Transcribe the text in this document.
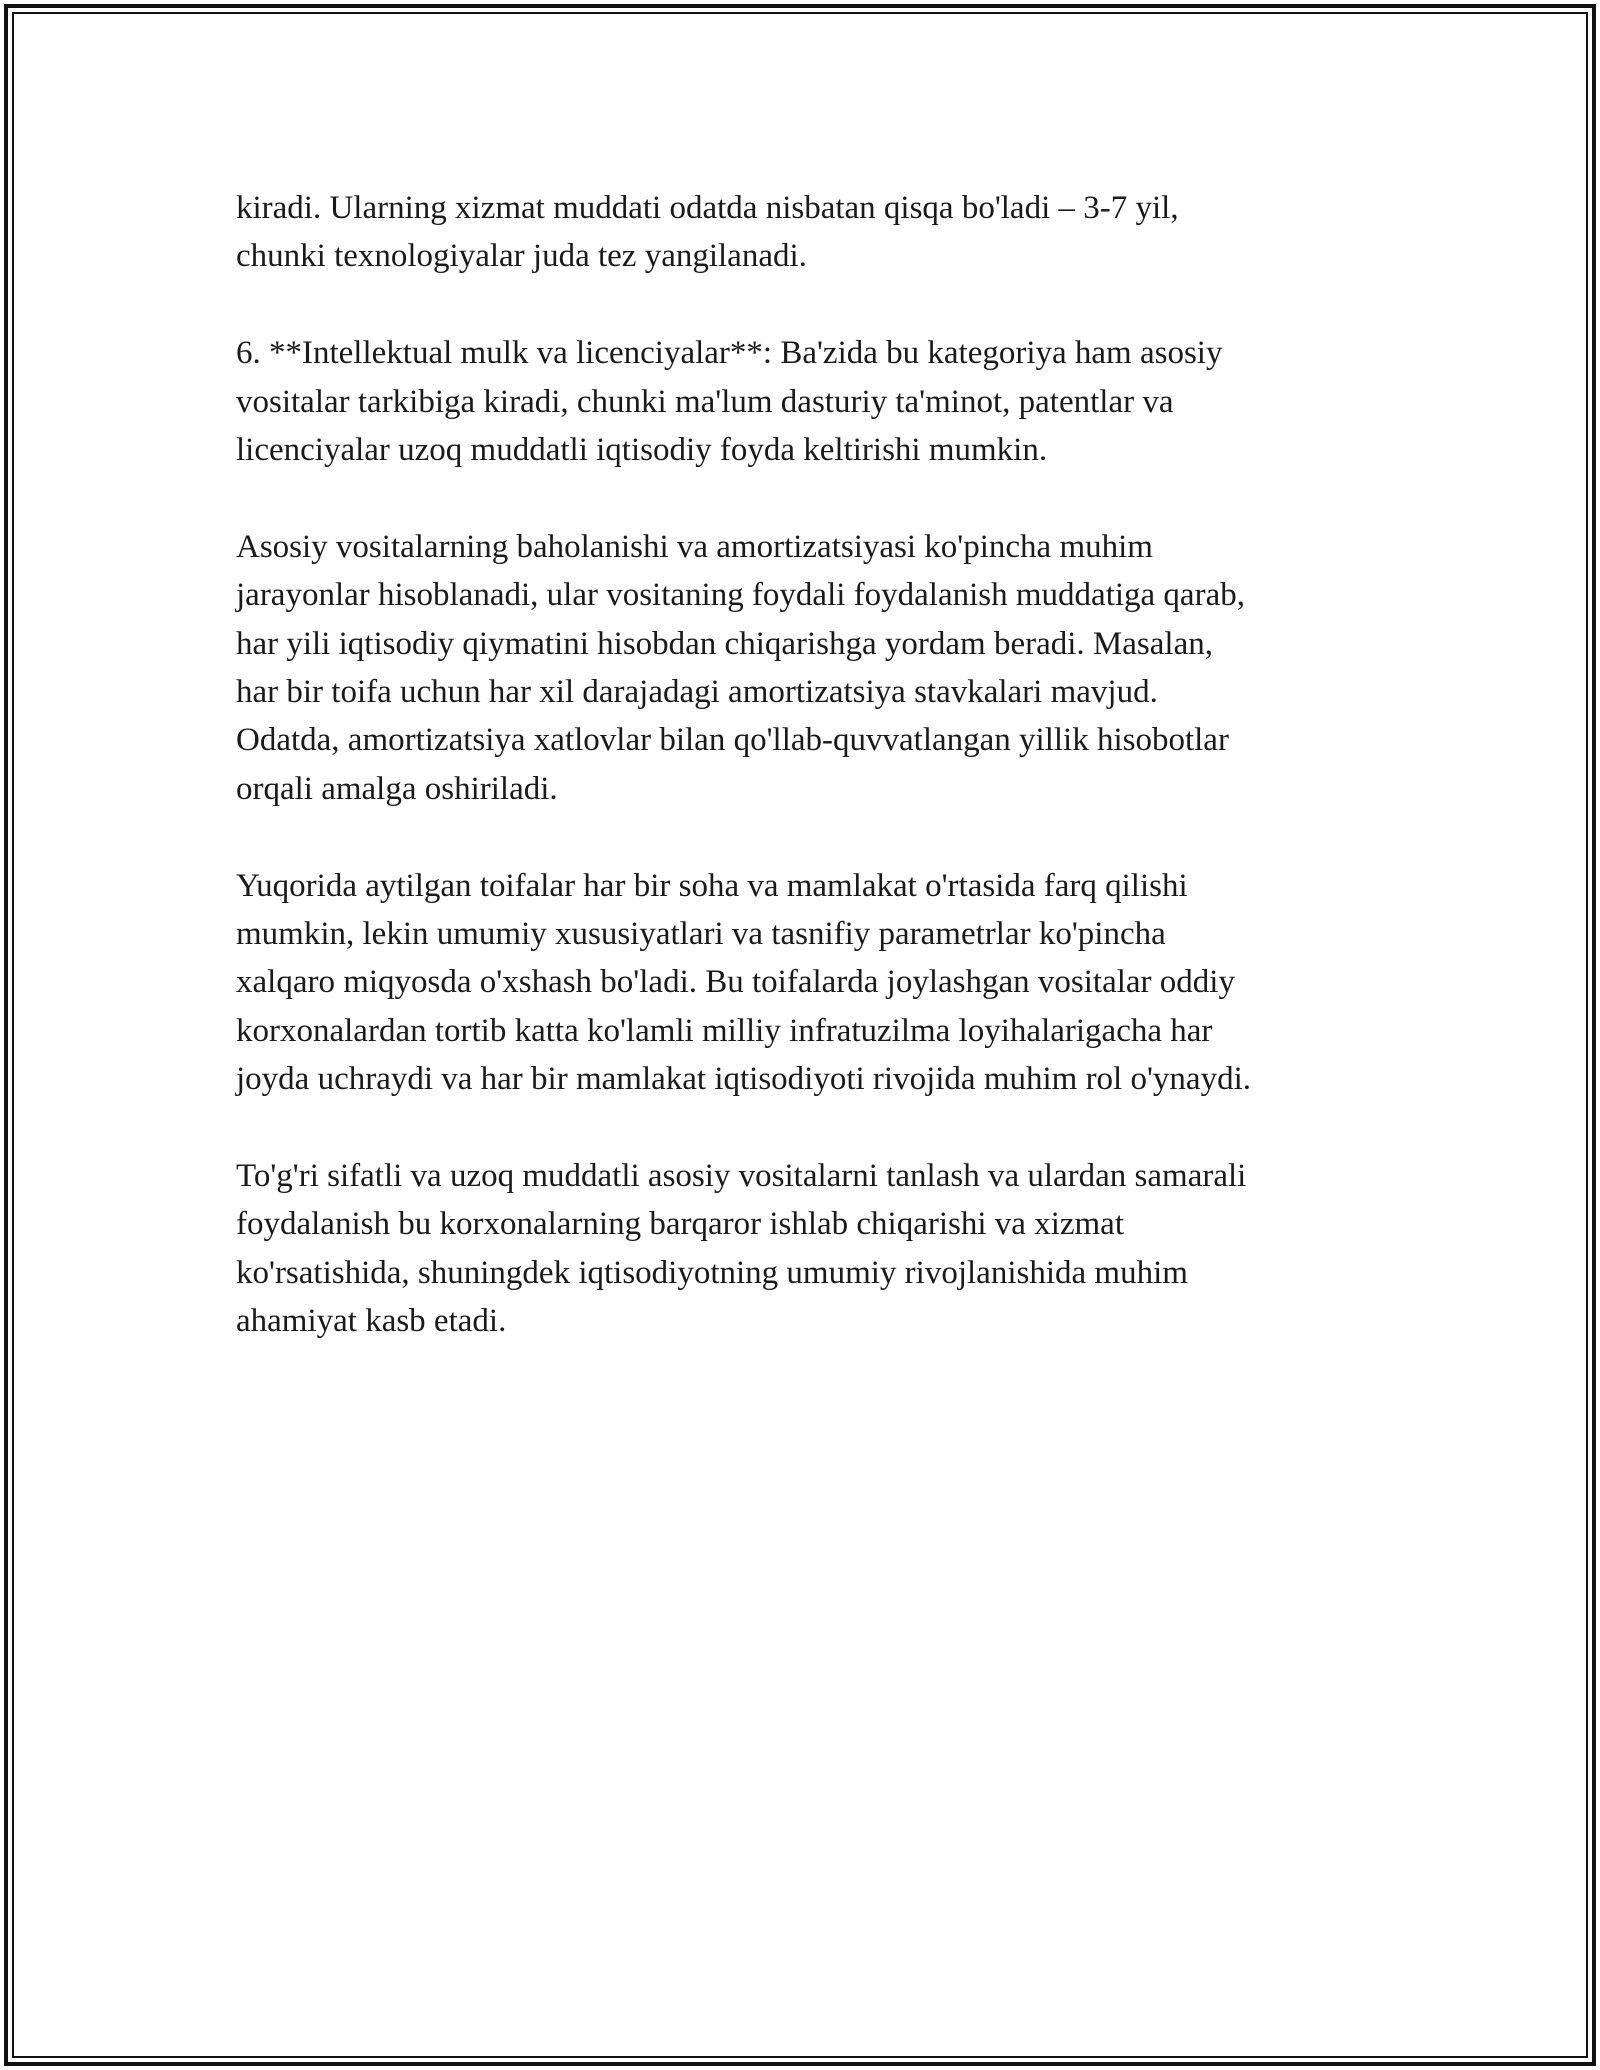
kiradi. Ularning xizmat muddati odatda nisbatan qisqa bo'ladi – 3-7 yil,
chunki texnologiyalar juda tez yangilanadi.

6. **Intellektual mulk va licenciyalar**: Ba'zida bu kategoriya ham asosiy
vositalar tarkibiga kiradi, chunki ma'lum dasturiy ta'minot, patentlar va
licenciyalar uzoq muddatli iqtisodiy foyda keltirishi mumkin.

Asosiy vositalarning baholanishi va amortizatsiyasi ko'pincha muhim
jarayonlar hisoblanadi, ular vositaning foydali foydalanish muddatiga qarab,
har yili iqtisodiy qiymatini hisobdan chiqarishga yordam beradi. Masalan,
har bir toifa uchun har xil darajadagi amortizatsiya stavkalari mavjud.
Odatda, amortizatsiya xatlovlar bilan qo'llab-quvvatlangan yillik hisobotlar
orqali amalga oshiriladi.

Yuqorida aytilgan toifalar har bir soha va mamlakat o'rtasida farq qilishi
mumkin, lekin umumiy xususiyatlari va tasnifiy parametrlar ko'pincha
xalqaro miqyosda o'xshash bo'ladi. Bu toifalarda joylashgan vositalar oddiy
korxonalardan tortib katta ko'lamli milliy infratuzilma loyihalarigacha har
joyda uchraydi va har bir mamlakat iqtisodiyoti rivojida muhim rol o'ynaydi.

To'g'ri sifatli va uzoq muddatli asosiy vositalarni tanlash va ulardan samarali
foydalanish bu korxonalarning barqaror ishlab chiqarishi va xizmat
ko'rsatishida, shuningdek iqtisodiyotning umumiy rivojlanishida muhim
ahamiyat kasb etadi.
